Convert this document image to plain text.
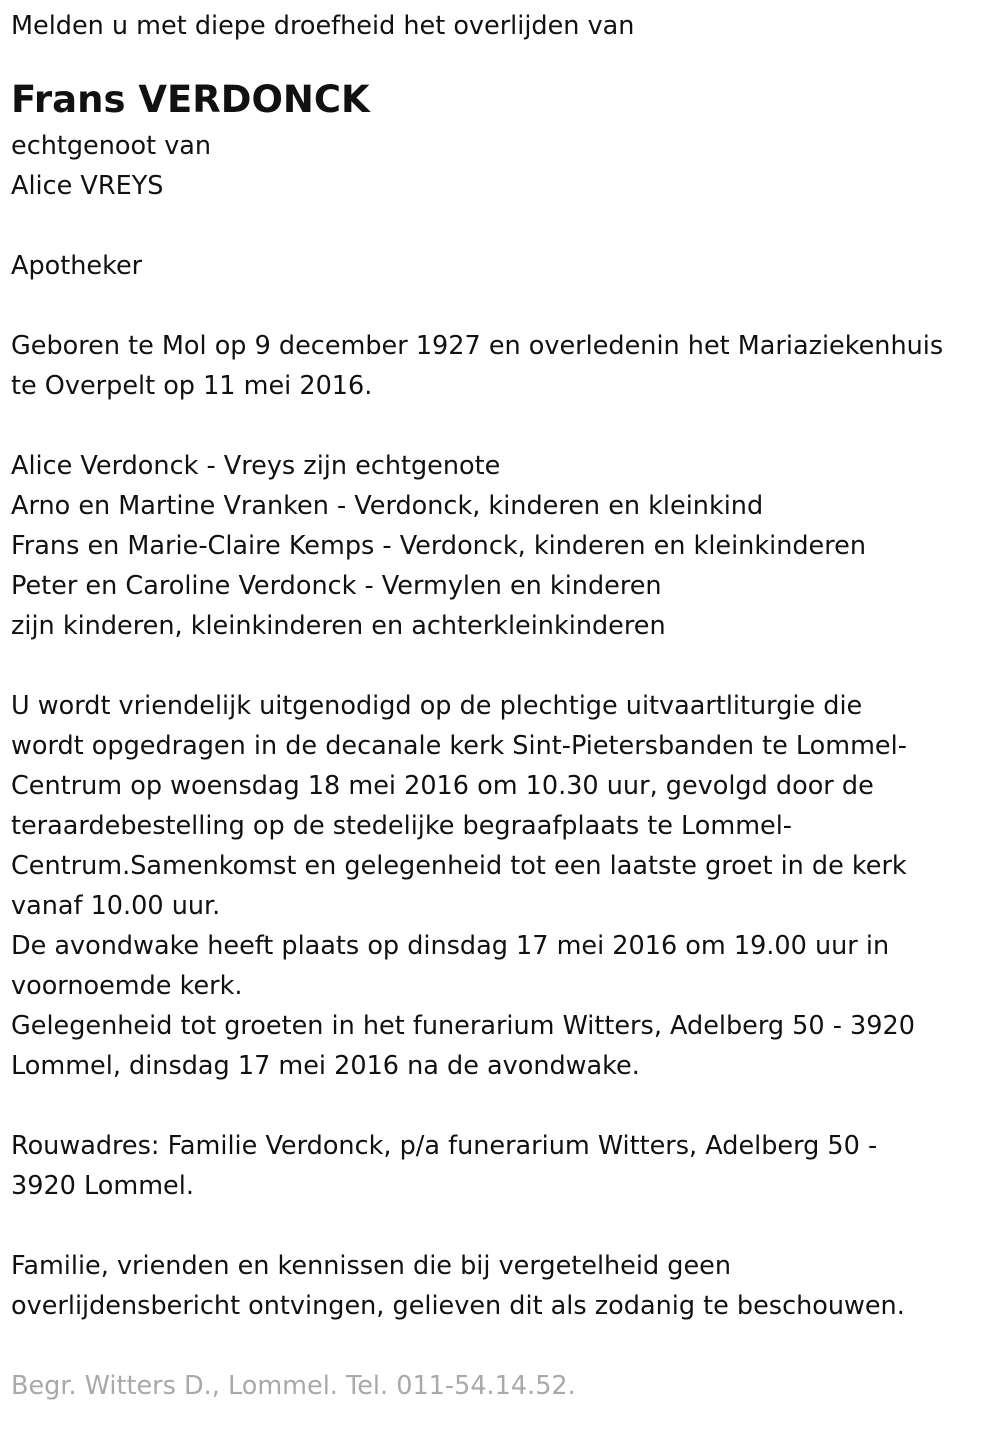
Melden u met diepe droefheid het overlijden van
Frans VERDONCK
echtgenoot van
Alice VREYS
Apotheker
Geboren te Mol op 9 december 1927 en overledenin het Mariaziekenhuis
te Overpelt op 11 mei 2016.
Alice Verdonck - Vreys zijn echtgenote
Arno en Martine Vranken - Verdonck, kinderen en kleinkind
Frans en Marie-Claire Kemps - Verdonck, kinderen en kleinkinderen
Peter en Caroline Verdonck - Vermylen en kinderen
zijn kinderen, kleinkinderen en achterkleinkinderen
U wordt vriendelijk uitgenodigd op de plechtige uitvaartliturgie die
wordt opgedragen in de decanale kerk Sint-Pietersbanden te Lommel-
Centrum op woensdag 18 mei 2016 om 10.30 uur, gevolgd door de
teraardebestelling op de stedelijke begraafplaats te Lommel-
Centrum.Samenkomst en gelegenheid tot een laatste groet in de kerk
vanaf 10.00 uur.
De avondwake heeft plaats op dinsdag 17 mei 2016 om 19.00 uur in
voornoemde kerk.
Gelegenheid tot groeten in het funerarium Witters, Adelberg 50 - 3920
Lommel, dinsdag 17 mei 2016 na de avondwake.
Rouwadres: Familie Verdonck, p/a funerarium Witters, Adelberg 50 -
3920 Lommel.
Familie, vrienden en kennissen die bij vergetelheid geen
overlijdensbericht ontvingen, gelieven dit als zodanig te beschouwen.
Begr. Witters D., Lommel. Tel. 011-54.14.52.
